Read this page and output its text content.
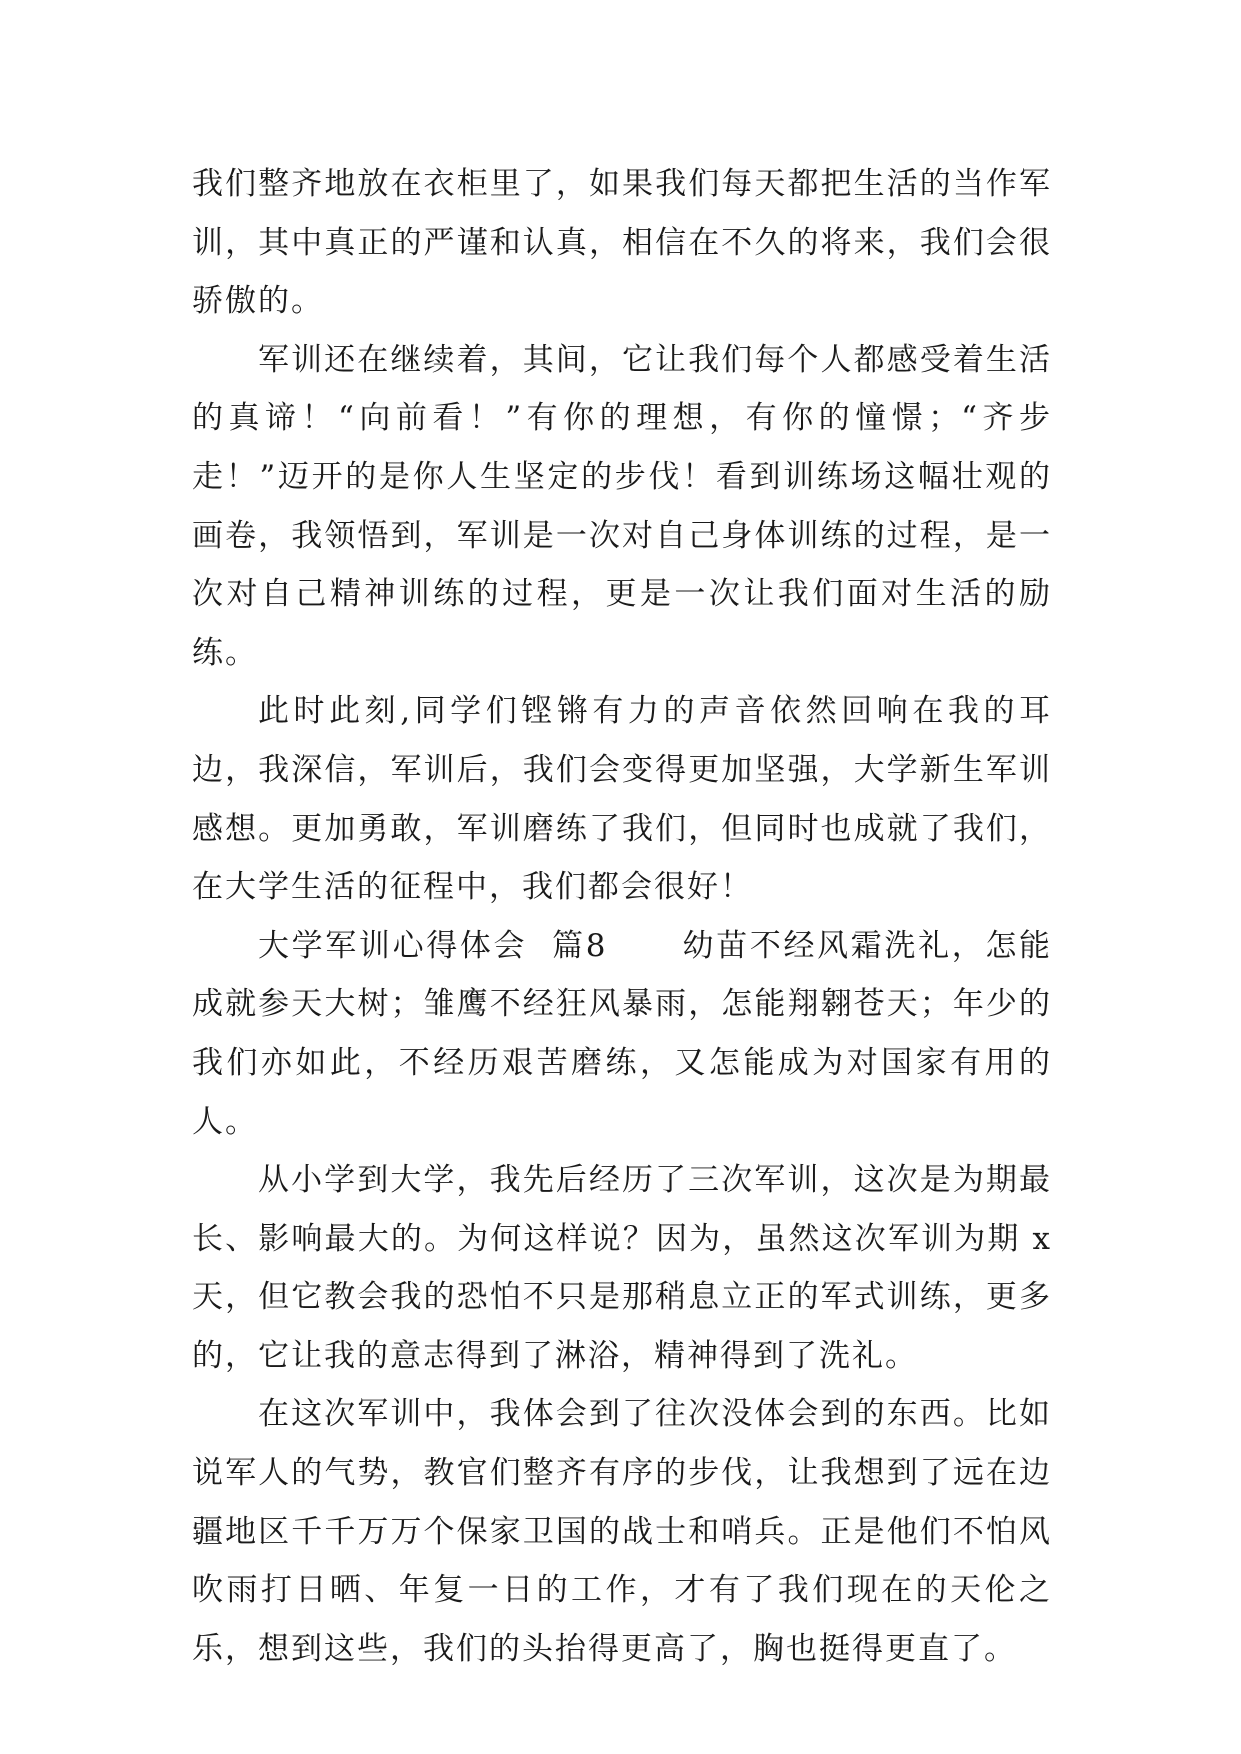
我们整齐地放在衣柜里了，如果我们每天都把生活的当作军训，其中真正的严谨和认真，相信在不久的将来，我们会很骄傲的。

军训还在继续着，其间，它让我们每个人都感受着生活的真谛！“向前看！”有你的理想，有你的憧憬；“齐步走！”迈开的是你人生坚定的步伐！看到训练场这幅壮观的画卷，我领悟到，军训是一次对自己身体训练的过程，是一次对自己精神训练的过程，更是一次让我们面对生活的励练。

此时此刻,同学们铿锵有力的声音依然回响在我的耳边，我深信，军训后，我们会变得更加坚强，大学新生军训感想。更加勇敢，军训磨练了我们，但同时也成就了我们，在大学生活的征程中，我们都会很好！

大学军训心得体会  篇8 幼苗不经风霜洗礼，怎能成就参天大树；雏鹰不经狂风暴雨，怎能翔翱苍天；年少的我们亦如此，不经历艰苦磨练，又怎能成为对国家有用的人。

从小学到大学，我先后经历了三次军训，这次是为期最长、影响最大的。为何这样说？因为，虽然这次军训为期 x 天，但它教会我的恐怕不只是那稍息立正的军式训练，更多的，它让我的意志得到了淋浴，精神得到了洗礼。

在这次军训中，我体会到了往次没体会到的东西。比如说军人的气势，教官们整齐有序的步伐，让我想到了远在边疆地区千千万万个保家卫国的战士和哨兵。正是他们不怕风吹雨打日晒、年复一日的工作，才有了我们现在的天伦之乐，想到这些，我们的头抬得更高了，胸也挺得更直了。
